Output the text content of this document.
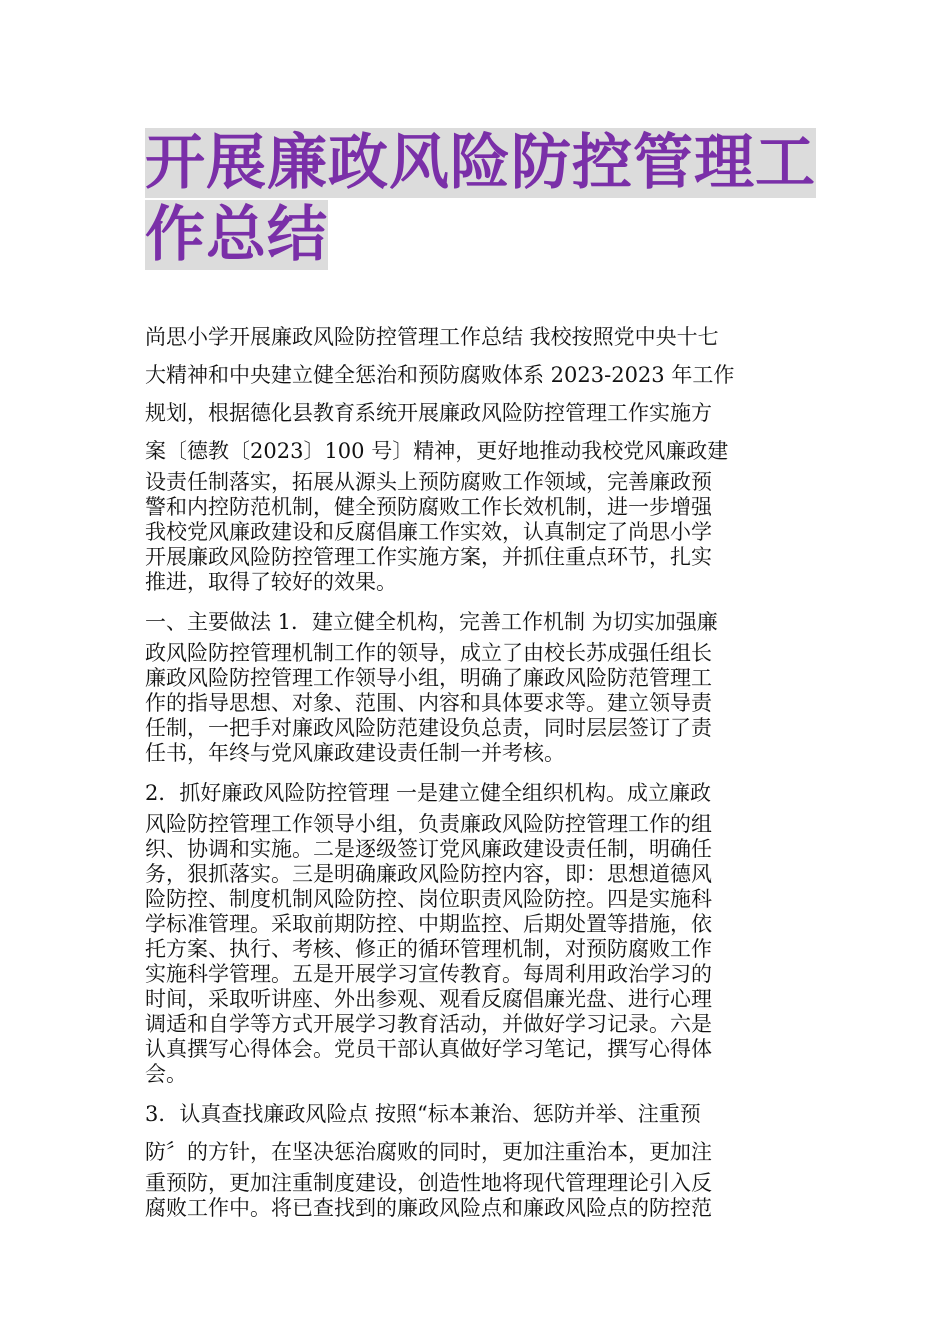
开展廉政风险防控管理工
作总结

尚思小学开展廉政风险防控管理工作总结 我校按照党中央十七

大精神和中央建立健全惩治和预防腐败体系 2023-2023 年工作

规划，根据德化县教育系统开展廉政风险防控管理工作实施方

案〔德教〔2023〕100 号〕精神，更好地推动我校党风廉政建

设责任制落实，拓展从源头上预防腐败工作领域，完善廉政预

警和内控防范机制，健全预防腐败工作长效机制，进一步增强

我校党风廉政建设和反腐倡廉工作实效，认真制定了尚思小学

开展廉政风险防控管理工作实施方案，并抓住重点环节，扎实

推进，取得了较好的效果。

一、主要做法 1．建立健全机构，完善工作机制 为切实加强廉

政风险防控管理机制工作的领导，成立了由校长苏成强任组长

廉政风险防控管理工作领导小组，明确了廉政风险防范管理工

作的指导思想、对象、范围、内容和具体要求等。建立领导责

任制，一把手对廉政风险防范建设负总责，同时层层签订了责

任书，年终与党风廉政建设责任制一并考核。

2．抓好廉政风险防控管理 一是建立健全组织机构。成立廉政

风险防控管理工作领导小组，负责廉政风险防控管理工作的组

织、协调和实施。二是逐级签订党风廉政建设责任制，明确任

务，狠抓落实。三是明确廉政风险防控内容，即：思想道德风

险防控、制度机制风险防控、岗位职责风险防控。四是实施科

学标准管理。采取前期防控、中期监控、后期处置等措施，依

托方案、执行、考核、修正的循环管理机制，对预防腐败工作

实施科学管理。五是开展学习宣传教育。每周利用政治学习的

时间，采取听讲座、外出参观、观看反腐倡廉光盘、进行心理

调适和自学等方式开展学习教育活动，并做好学习记录。六是

认真撰写心得体会。党员干部认真做好学习笔记，撰写心得体

会。

3．认真查找廉政风险点 按照“标本兼治、惩防并举、注重预

防〞的方针，在坚决惩治腐败的同时，更加注重治本，更加注

重预防，更加注重制度建设，创造性地将现代管理理论引入反

腐败工作中。将已查找到的廉政风险点和廉政风险点的防控范
